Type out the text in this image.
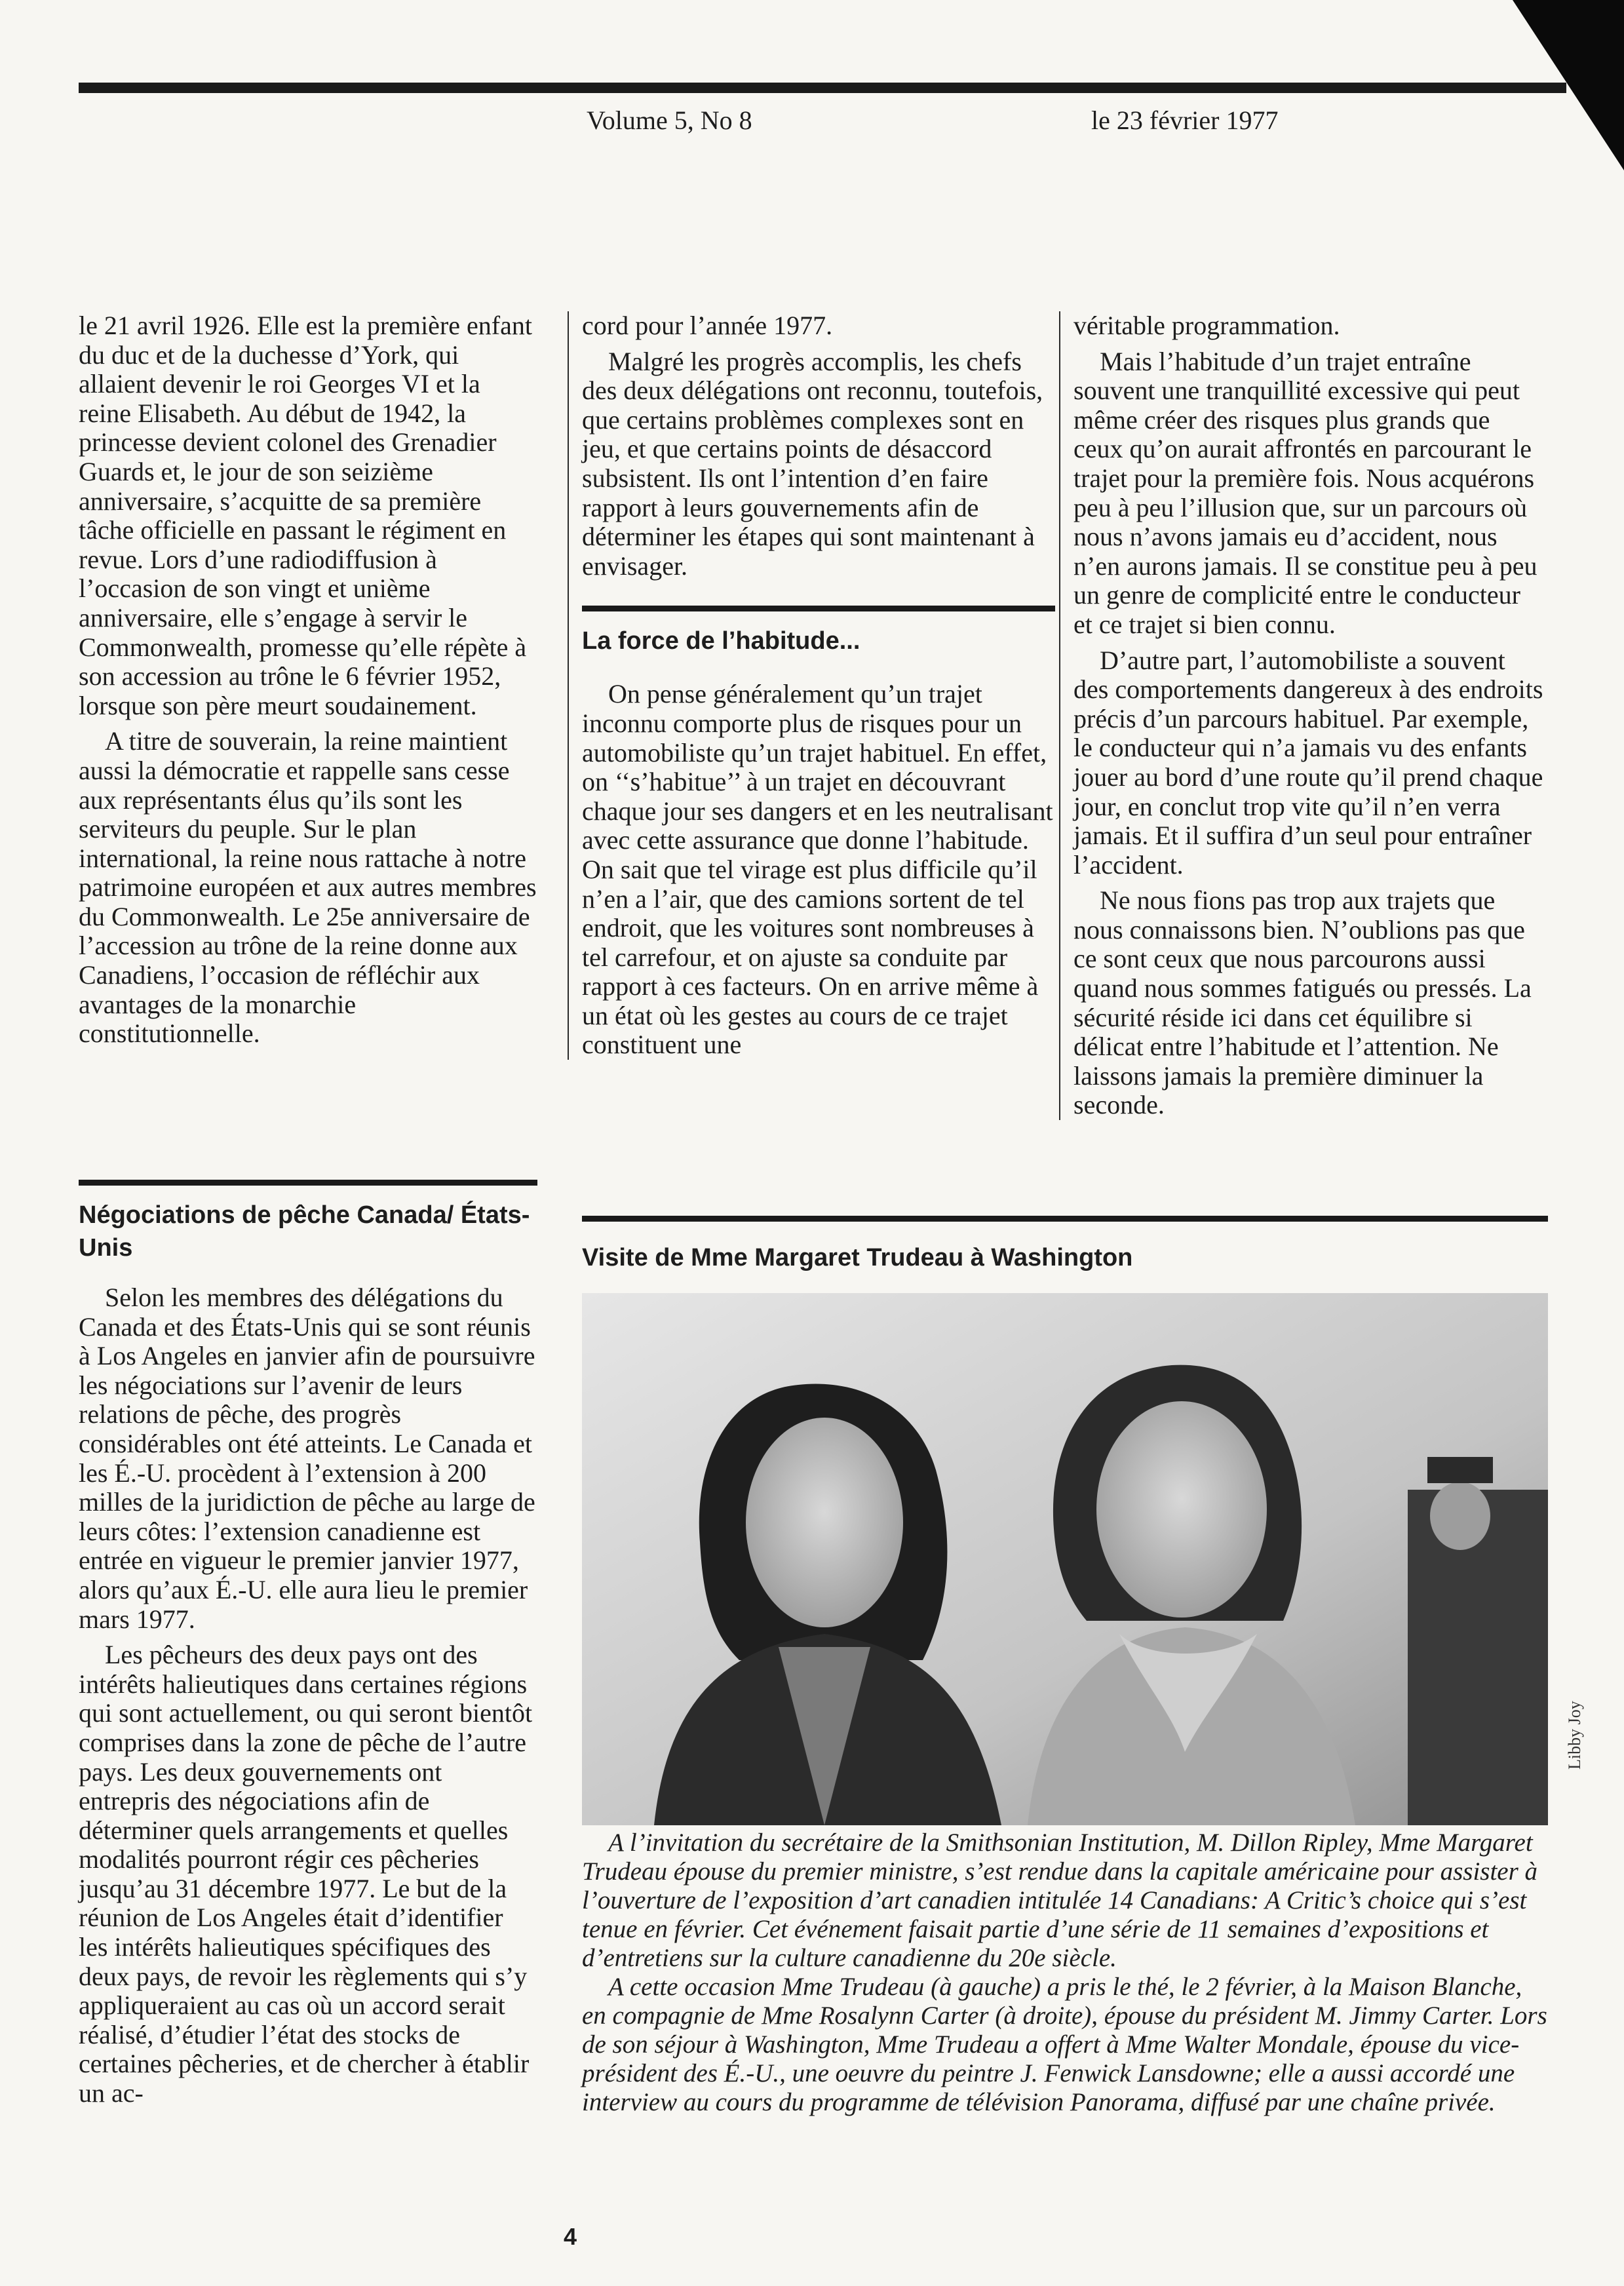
Volume 5, No 8	le 23 février 1977

le 21 avril 1926. Elle est la première enfant du duc et de la duchesse d’York, qui allaient devenir le roi Georges VI et la reine Elisabeth. Au début de 1942, la princesse devient colonel des Grenadier Guards et, le jour de son seizième anniversaire, s’acquitte de sa première tâche officielle en passant le régiment en revue. Lors d’une radiodiffusion à l’occasion de son vingt et unième anniversaire, elle s’engage à servir le Commonwealth, promesse qu’elle répète à son accession au trône le 6 février 1952, lorsque son père meurt soudainement.

A titre de souverain, la reine maintient aussi la démocratie et rappelle sans cesse aux représentants élus qu’ils sont les serviteurs du peuple. Sur le plan international, la reine nous rattache à notre patrimoine européen et aux autres membres du Commonwealth. Le 25e anniversaire de l’accession au trône de la reine donne aux Canadiens, l’occasion de réfléchir aux avantages de la monarchie constitutionnelle.

Négociations de pêche Canada/ États-Unis

Selon les membres des délégations du Canada et des États-Unis qui se sont réunis à Los Angeles en janvier afin de poursuivre les négociations sur l’avenir de leurs relations de pêche, des progrès considérables ont été atteints. Le Canada et les É.-U. procèdent à l’extension à 200 milles de la juridiction de pêche au large de leurs côtes: l’extension canadienne est entrée en vigueur le premier janvier 1977, alors qu’aux É.-U. elle aura lieu le premier mars 1977.

Les pêcheurs des deux pays ont des intérêts halieutiques dans certaines régions qui sont actuellement, ou qui seront bientôt comprises dans la zone de pêche de l’autre pays. Les deux gouvernements ont entrepris des négociations afin de déterminer quels arrangements et quelles modalités pourront régir ces pêcheries jusqu’au 31 décembre 1977. Le but de la réunion de Los Angeles était d’identifier les intérêts halieutiques spécifiques des deux pays, de revoir les règlements qui s’y appliqueraient au cas où un accord serait réalisé, d’étudier l’état des stocks de certaines pêcheries, et de chercher à établir un ac-

cord pour l’année 1977.

Malgré les progrès accomplis, les chefs des deux délégations ont reconnu, toutefois, que certains problèmes complexes sont en jeu, et que certains points de désaccord subsistent. Ils ont l’intention d’en faire rapport à leurs gouvernements afin de déterminer les étapes qui sont maintenant à envisager.

La force de l’habitude...

On pense généralement qu’un trajet inconnu comporte plus de risques pour un automobiliste qu’un trajet habituel. En effet, on ‘‘s’habitue’’ à un trajet en découvrant chaque jour ses dangers et en les neutralisant avec cette assurance que donne l’habitude. On sait que tel virage est plus difficile qu’il n’en a l’air, que des camions sortent de tel endroit, que les voitures sont nombreuses à tel carrefour, et on ajuste sa conduite par rapport à ces facteurs. On en arrive même à un état où les gestes au cours de ce trajet constituent une

véritable programmation.

Mais l’habitude d’un trajet entraîne souvent une tranquillité excessive qui peut même créer des risques plus grands que ceux qu’on aurait affrontés en parcourant le trajet pour la première fois. Nous acquérons peu à peu l’illusion que, sur un parcours où nous n’avons jamais eu d’accident, nous n’en aurons jamais. Il se constitue peu à peu un genre de complicité entre le conducteur et ce trajet si bien connu.

D’autre part, l’automobiliste a souvent des comportements dangereux à des endroits précis d’un parcours habituel. Par exemple, le conducteur qui n’a jamais vu des enfants jouer au bord d’une route qu’il prend chaque jour, en conclut trop vite qu’il n’en verra jamais. Et il suffira d’un seul pour entraîner l’accident.

Ne nous fions pas trop aux trajets que nous connaissons bien. N’oublions pas que ce sont ceux que nous parcourons aussi quand nous sommes fatigués ou pressés. La sécurité réside ici dans cet équilibre si délicat entre l’habitude et l’attention. Ne laissons jamais la première diminuer la seconde.

Visite de Mme Margaret Trudeau à Washington
Libby Joy

A l’invitation du secrétaire de la Smithsonian Institution, M. Dillon Ripley, Mme Margaret Trudeau épouse du premier ministre, s’est rendue dans la capitale américaine pour assister à l’ouverture de l’exposition d’art canadien intitulée 14 Canadians: A Critic’s choice qui s’est tenue en février. Cet événement faisait partie d’une série de 11 semaines d’expositions et d’entretiens sur la culture canadienne du 20e siècle.

A cette occasion Mme Trudeau (à gauche) a pris le thé, le 2 février, à la Maison Blanche, en compagnie de Mme Rosalynn Carter (à droite), épouse du président M. Jimmy Carter. Lors de son séjour à Washington, Mme Trudeau a offert à Mme Walter Mondale, épouse du vice-président des É.-U., une oeuvre du peintre J. Fenwick Lansdowne; elle a aussi accordé une interview au cours du programme de télévision Panorama, diffusé par une chaîne privée.

4
